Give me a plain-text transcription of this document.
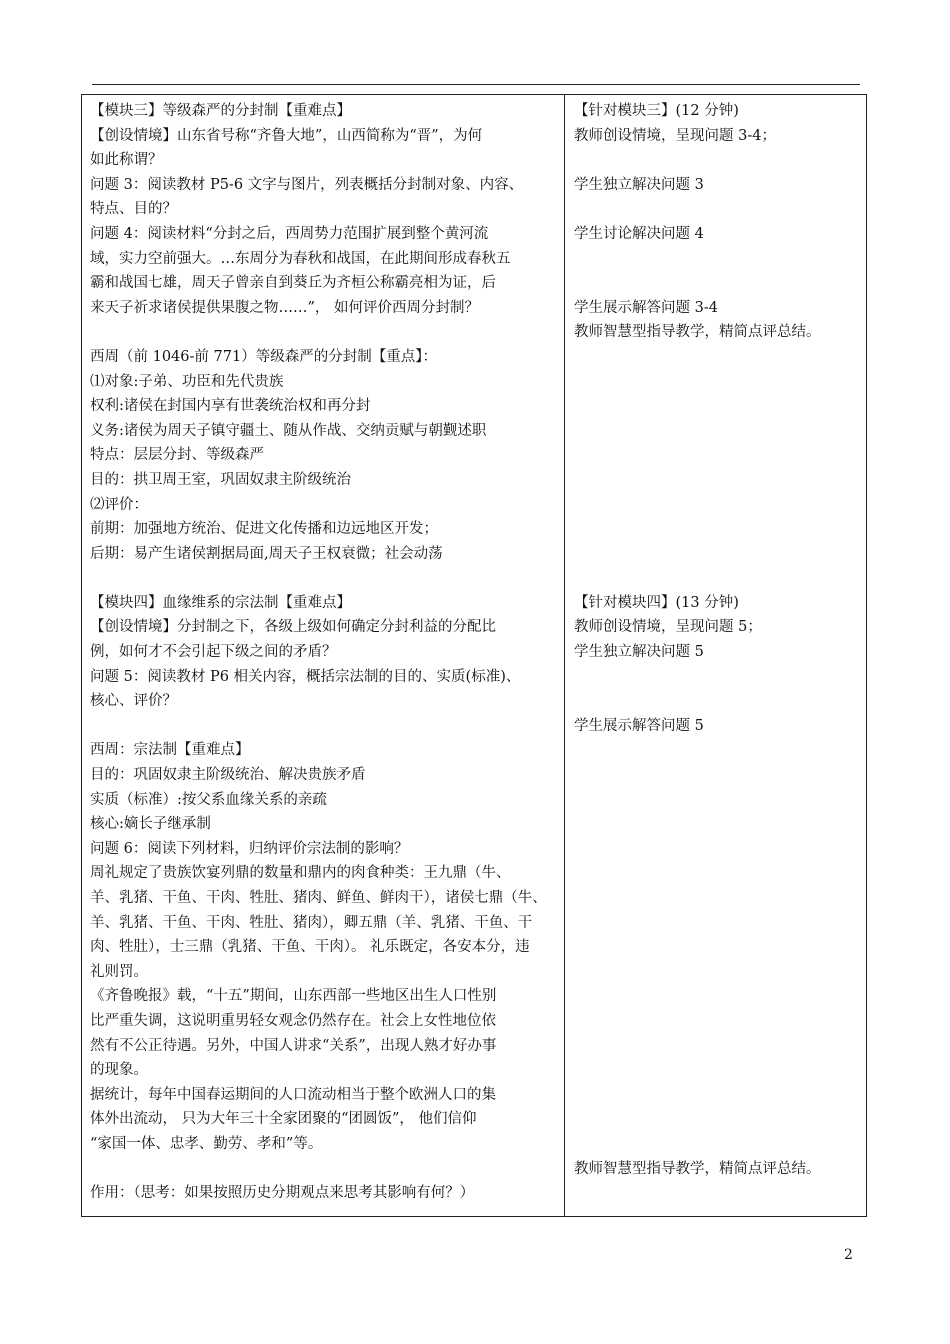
【模块三】等级森严的分封制【重难点】
【创设情境】山东省号称“齐鲁大地”，山西简称为“晋”，为何
如此称谓？
问题 3：阅读教材 P5-6 文字与图片，列表概括分封制对象、内容、
特点、目的？
问题 4：阅读材料“分封之后，西周势力范围扩展到整个黄河流
域，实力空前强大。…东周分为春秋和战国，在此期间形成春秋五
霸和战国七雄，周天子曾亲自到葵丘为齐桓公称霸亮相为证，后
来天子祈求诸侯提供果腹之物……”， 如何评价西周分封制？
西周（前 1046-前 771）等级森严的分封制【重点】：
⑴对象:子弟、功臣和先代贵族
权利:诸侯在封国内享有世袭统治权和再分封
义务:诸侯为周天子镇守疆土、随从作战、交纳贡赋与朝觐述职
特点：层层分封、等级森严
目的：拱卫周王室，巩固奴隶主阶级统治
⑵评价：
前期：加强地方统治、促进文化传播和边远地区开发；
后期：易产生诸侯割据局面,周天子王权衰微；社会动荡
【模块四】血缘维系的宗法制【重难点】
【创设情境】分封制之下，各级上级如何确定分封利益的分配比
例，如何才不会引起下级之间的矛盾？
问题 5：阅读教材 P6 相关内容，概括宗法制的目的、实质(标准)、
核心、评价？
西周：宗法制【重难点】
目的：巩固奴隶主阶级统治、解决贵族矛盾
实质（标准）:按父系血缘关系的亲疏
核心:嫡长子继承制
问题 6：阅读下列材料，归纳评价宗法制的影响？
周礼规定了贵族饮宴列鼎的数量和鼎内的肉食种类：王九鼎（牛、
羊、乳猪、干鱼、干肉、牲肚、猪肉、鲜鱼、鲜肉干），诸侯七鼎（牛、
羊、乳猪、干鱼、干肉、牲肚、猪肉），卿五鼎（羊、乳猪、干鱼、干
肉、牲肚），士三鼎（乳猪、干鱼、干肉）。 礼乐既定，各安本分，违
礼则罚。
《齐鲁晚报》载，“十五”期间，山东西部一些地区出生人口性别
比严重失调，这说明重男轻女观念仍然存在。社会上女性地位依
然有不公正待遇。另外，中国人讲求“关系”，出现人熟才好办事
的现象。
据统计，每年中国春运期间的人口流动相当于整个欧洲人口的集
体外出流动， 只为大年三十全家团聚的“团圆饭”， 他们信仰
“家国一体、忠孝、勤劳、孝和”等。
作用：（思考：如果按照历史分期观点来思考其影响有何？）
【针对模块三】(12 分钟)
教师创设情境，呈现问题 3-4；
学生独立解决问题 3
学生讨论解决问题 4
学生展示解答问题 3-4
教师智慧型指导教学，精简点评总结。
【针对模块四】(13 分钟)
教师创设情境，呈现问题 5；
学生独立解决问题 5
学生展示解答问题 5
教师智慧型指导教学，精简点评总结。
2
